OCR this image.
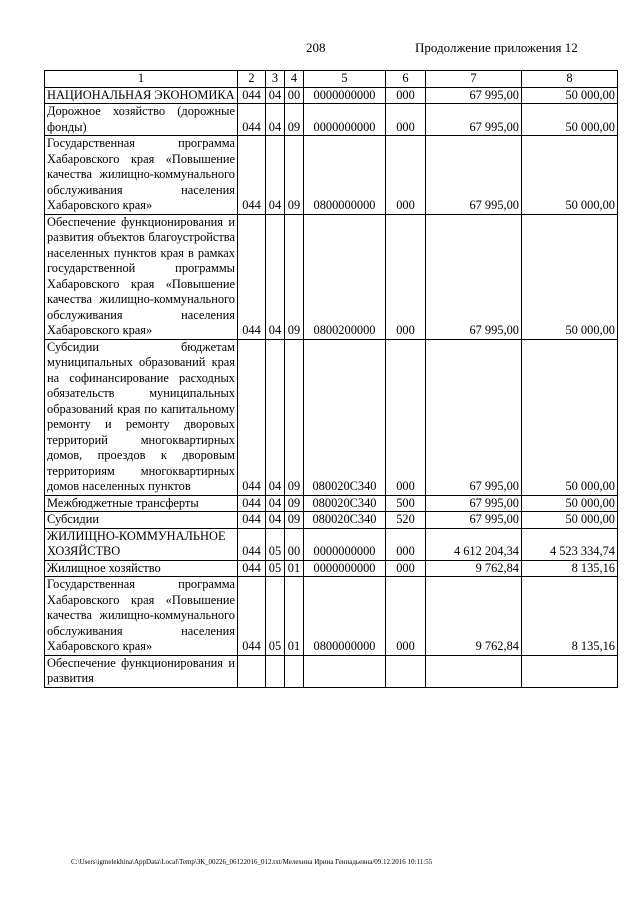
208	Продолжение приложения 12
1	2	3	4	5	6	7	8
НАЦИОНАЛЬНАЯ ЭКОНОМИКА	044	04	00	0000000000	000	67 995,00	50 000,00
Дорожное хозяйство (дорожные фонды)	044	04	09	0000000000	000	67 995,00	50 000,00
Государственная программа Хабаровского края «Повышение качества жилищно-коммунального обслуживания населения Хабаровского края»	044	04	09	0800000000	000	67 995,00	50 000,00
Обеспечение функционирования и развития объектов благоустройства населенных пунктов края в рамках государственной программы Хабаровского края «Повышение качества жилищно-коммунального обслуживания населения Хабаровского края»	044	04	09	0800200000	000	67 995,00	50 000,00
Субсидии бюджетам муниципальных образований края на софинансирование расходных обязательств муниципальных образований края по капитальному ремонту и ремонту дворовых территорий многоквартирных домов, проездов к дворовым территориям многоквартирных домов населенных пунктов	044	04	09	080020С340	000	67 995,00	50 000,00
Межбюджетные трансферты	044	04	09	080020С340	500	67 995,00	50 000,00
Субсидии	044	04	09	080020С340	520	67 995,00	50 000,00
ЖИЛИЩНО-КОММУНАЛЬНОЕ ХОЗЯЙСТВО	044	05	00	0000000000	000	4 612 204,34	4 523 334,74
Жилищное хозяйство	044	05	01	0000000000	000	9 762,84	8 135,16
Государственная программа Хабаровского края «Повышение качества жилищно-коммунального обслуживания населения Хабаровского края»	044	05	01	0800000000	000	9 762,84	8 135,16
Обеспечение функционирования и развития							
C:\Users\igmelekhina\AppData\Local\Temp\ЗК_00226_06122016_012.txt/Мелехина Ирина Геннадьевна/09.12.2016 10:11:55
